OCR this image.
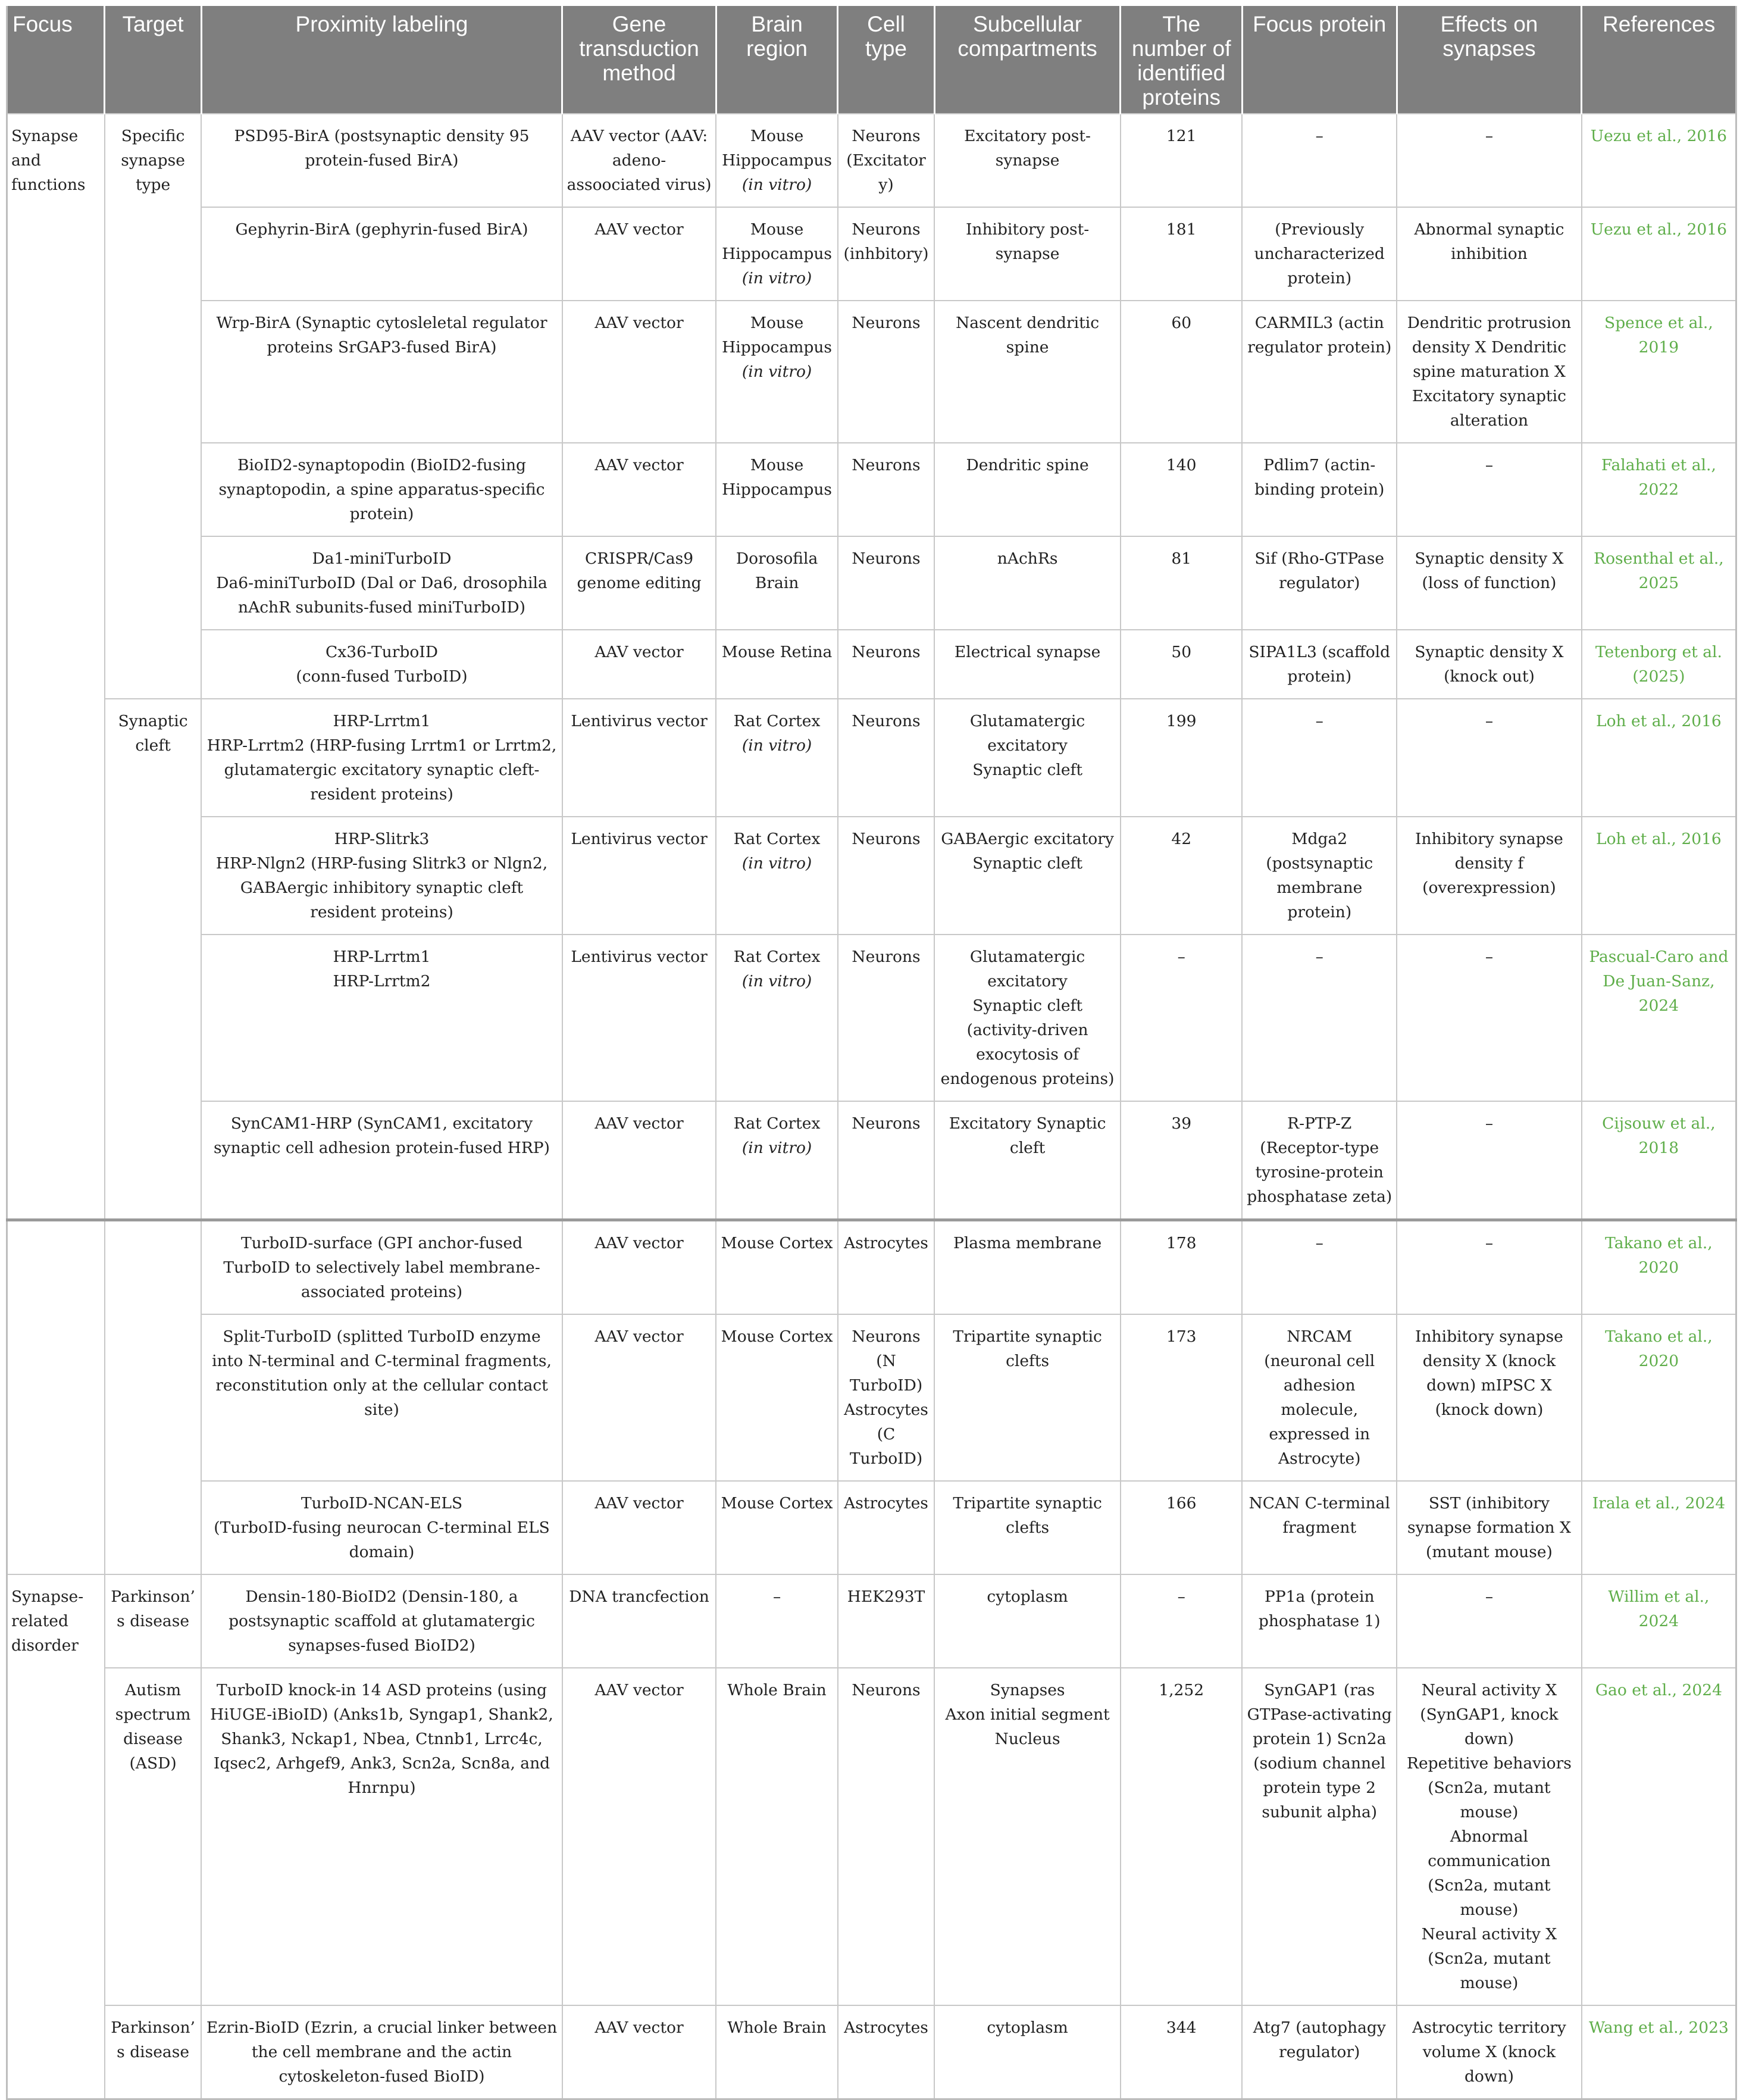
Focus	Target	Proximity labeling	Gene transduction method	Brain region	Cell type	Subcellular compartments	The number of identified proteins	Focus protein	Effects on synapses	References

Synapse and functions	Specific synapse type	PSD95-BirA (postsynaptic density 95 protein-fused BirA)	AAV vector (AAV: adeno-assoociated virus)	Mouse Hippocampus
(in vitro)	Neurons (Excitatory)	Excitatory post-synapse	121	–	–	Uezu et al., 2016

		Gephyrin-BirA (gephyrin-fused BirA)	AAV vector	Mouse Hippocampus
(in vitro)	Neurons (inhbitory)	Inhibitory post-synapse	181	(Previously uncharacterized protein)	Abnormal synaptic inhibition	Uezu et al., 2016

		Wrp-BirA (Synaptic cytosleletal regulator proteins SrGAP3-fused BirA)	AAV vector	Mouse Hippocampus
(in vitro)	Neurons	Nascent dendritic spine	60	CARMIL3 (actin regulator protein)	Dendritic protrusion density X Dendritic spine maturation X Excitatory synaptic alteration	Spence et al., 2019

		BioID2-synaptopodin (BioID2-fusing synaptopodin, a spine apparatus-specific protein)	AAV vector	Mouse Hippocampus	Neurons	Dendritic spine	140	Pdlim7 (actin-binding protein)	–	Falahati et al., 2022

		Da1-miniTurboID
Da6-miniTurboID (Dal or Da6, drosophila nAchR subunits-fused miniTurboID)	CRISPR/Cas9 genome editing	Dorosofila Brain	Neurons	nAchRs	81	Sif (Rho-GTPase regulator)	Synaptic density X (loss of function)	Rosenthal et al., 2025

		Cx36-TurboID
(conn-fused TurboID)	AAV vector	Mouse Retina	Neurons	Electrical synapse	50	SIPA1L3 (scaffold protein)	Synaptic density X (knock out)	Tetenborg et al. (2025)

	Synaptic cleft	HRP-Lrrtm1
HRP-Lrrtm2 (HRP-fusing Lrrtm1 or Lrrtm2, glutamatergic excitatory synaptic cleft-resident proteins)	Lentivirus vector	Rat Cortex
(in vitro)	Neurons	Glutamatergic excitatory
Synaptic cleft	199	–	–	Loh et al., 2016

		HRP-Slitrk3
HRP-Nlgn2 (HRP-fusing Slitrk3 or Nlgn2, GABAergic inhibitory synaptic cleft resident proteins)	Lentivirus vector	Rat Cortex
(in vitro)	Neurons	GABAergic excitatory
Synaptic cleft	42	Mdga2 (postsynaptic membrane protein)	Inhibitory synapse density f (overexpression)	Loh et al., 2016

		HRP-Lrrtm1
HRP-Lrrtm2	Lentivirus vector	Rat Cortex
(in vitro)	Neurons	Glutamatergic excitatory
Synaptic cleft (activity-driven exocytosis of endogenous proteins)	–	–	–	Pascual-Caro and De Juan-Sanz, 2024

		SynCAM1-HRP (SynCAM1, excitatory synaptic cell adhesion protein-fused HRP)	AAV vector	Rat Cortex
(in vitro)	Neurons	Excitatory Synaptic cleft	39	R-PTP-Z (Receptor-type tyrosine-protein phosphatase zeta)	–	Cijsouw et al., 2018

		TurboID-surface (GPI anchor-fused TurboID to selectively label membrane-associated proteins)	AAV vector	Mouse Cortex	Astrocytes	Plasma membrane	178	–	–	Takano et al., 2020

		Split-TurboID (splitted TurboID enzyme into N-terminal and C-terminal fragments, reconstitution only at the cellular contact site)	AAV vector	Mouse Cortex	Neurons (N TurboID) Astrocytes (C TurboID)	Tripartite synaptic clefts	173	NRCAM (neuronal cell adhesion molecule, expressed in Astrocyte)	Inhibitory synapse density X (knock down) mIPSC X (knock down)	Takano et al., 2020

		TurboID-NCAN-ELS
(TurboID-fusing neurocan C-terminal ELS domain)	AAV vector	Mouse Cortex	Astrocytes	Tripartite synaptic clefts	166	NCAN C-terminal fragment	SST (inhibitory synapse formation X (mutant mouse)	Irala et al., 2024

Synapse-related disorder	Parkinson’s disease	Densin-180-BioID2 (Densin-180, a postsynaptic scaffold at glutamatergic synapses-fused BioID2)	DNA trancfection	–	HEK293T	cytoplasm	–	PP1a (protein phosphatase 1)	–	Willim et al., 2024

	Autism spectrum disease (ASD)	TurboID knock-in 14 ASD proteins (using HiUGE-iBioID) (Anks1b, Syngap1, Shank2, Shank3, Nckap1, Nbea, Ctnnb1, Lrrc4c, Iqsec2, Arhgef9, Ank3, Scn2a, Scn8a, and Hnrnpu)	AAV vector	Whole Brain	Neurons	Synapses
Axon initial segment
Nucleus	1,252	SynGAP1 (ras GTPase-activating protein 1) Scn2a (sodium channel protein type 2 subunit alpha)	Neural activity X (SynGAP1, knock down)
Repetitive behaviors (Scn2a, mutant mouse)
Abnormal communication (Scn2a, mutant mouse)
Neural activity X (Scn2a, mutant mouse)	Gao et al., 2024

	Parkinson’s disease	Ezrin-BioID (Ezrin, a crucial linker between the cell membrane and the actin cytoskeleton-fused BioID)	AAV vector	Whole Brain	Astrocytes	cytoplasm	344	Atg7 (autophagy regulator)	Astrocytic territory volume X (knock down)	Wang et al., 2023
